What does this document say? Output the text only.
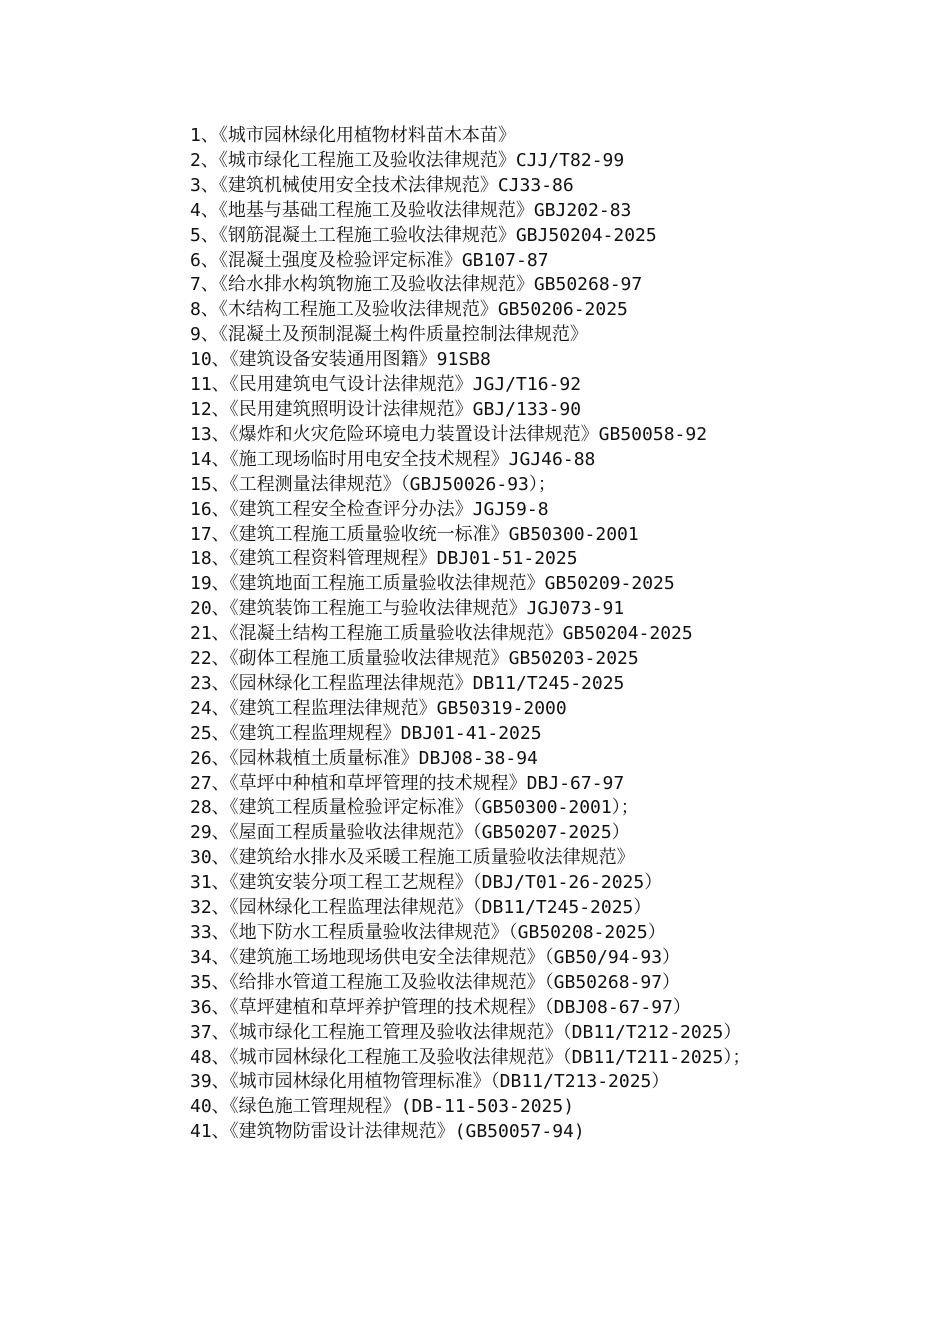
1、《城市园林绿化用植物材料苗木本苗》

2、《城市绿化工程施工及验收法律规范》CJJ/T82-99

3、《建筑机械使用安全技术法律规范》CJ33-86

4、《地基与基础工程施工及验收法律规范》GBJ202-83

5、《钢筋混凝土工程施工验收法律规范》GBJ50204-2025

6、《混凝土强度及检验评定标准》GB107-87

7、《给水排水构筑物施工及验收法律规范》GB50268-97

8、《木结构工程施工及验收法律规范》GB50206-2025

9、《混凝土及预制混凝土构件质量控制法律规范》

10、《建筑设备安装通用图籍》91SB8

11、《民用建筑电气设计法律规范》JGJ/T16-92

12、《民用建筑照明设计法律规范》GBJ/133-90

13、《爆炸和火灾危险环境电力装置设计法律规范》GB50058-92

14、《施工现场临时用电安全技术规程》JGJ46-88

15、《工程测量法律规范》（GBJ50026-93）；

16、《建筑工程安全检查评分办法》JGJ59-8

17、《建筑工程施工质量验收统一标准》GB50300-2001

18、《建筑工程资料管理规程》DBJ01-51-2025

19、《建筑地面工程施工质量验收法律规范》GB50209-2025

20、《建筑装饰工程施工与验收法律规范》JGJ073-91

21、《混凝土结构工程施工质量验收法律规范》GB50204-2025

22、《砌体工程施工质量验收法律规范》GB50203-2025

23、《园林绿化工程监理法律规范》DB11/T245-2025

24、《建筑工程监理法律规范》GB50319-2000

25、《建筑工程监理规程》DBJ01-41-2025

26、《园林栽植土质量标准》DBJ08-38-94

27、《草坪中种植和草坪管理的技术规程》DBJ-67-97

28、《建筑工程质量检验评定标准》（GB50300-2001）；

29、《屋面工程质量验收法律规范》（GB50207-2025）

30、《建筑给水排水及采暖工程施工质量验收法律规范》

31、《建筑安装分项工程工艺规程》（DBJ/T01-26-2025）

32、《园林绿化工程监理法律规范》（DB11/T245-2025）

33、《地下防水工程质量验收法律规范》（GB50208-2025）

34、《建筑施工场地现场供电安全法律规范》（GB50/94-93）

35、《给排水管道工程施工及验收法律规范》（GB50268-97）

36、《草坪建植和草坪养护管理的技术规程》（DBJ08-67-97）

37、《城市绿化工程施工管理及验收法律规范》（DB11/T212-2025）

48、《城市园林绿化工程施工及验收法律规范》（DB11/T211-2025）；

39、《城市园林绿化用植物管理标准》（DB11/T213-2025）

40、《绿色施工管理规程》(DB-11-503-2025)

41、《建筑物防雷设计法律规范》(GB50057-94)
